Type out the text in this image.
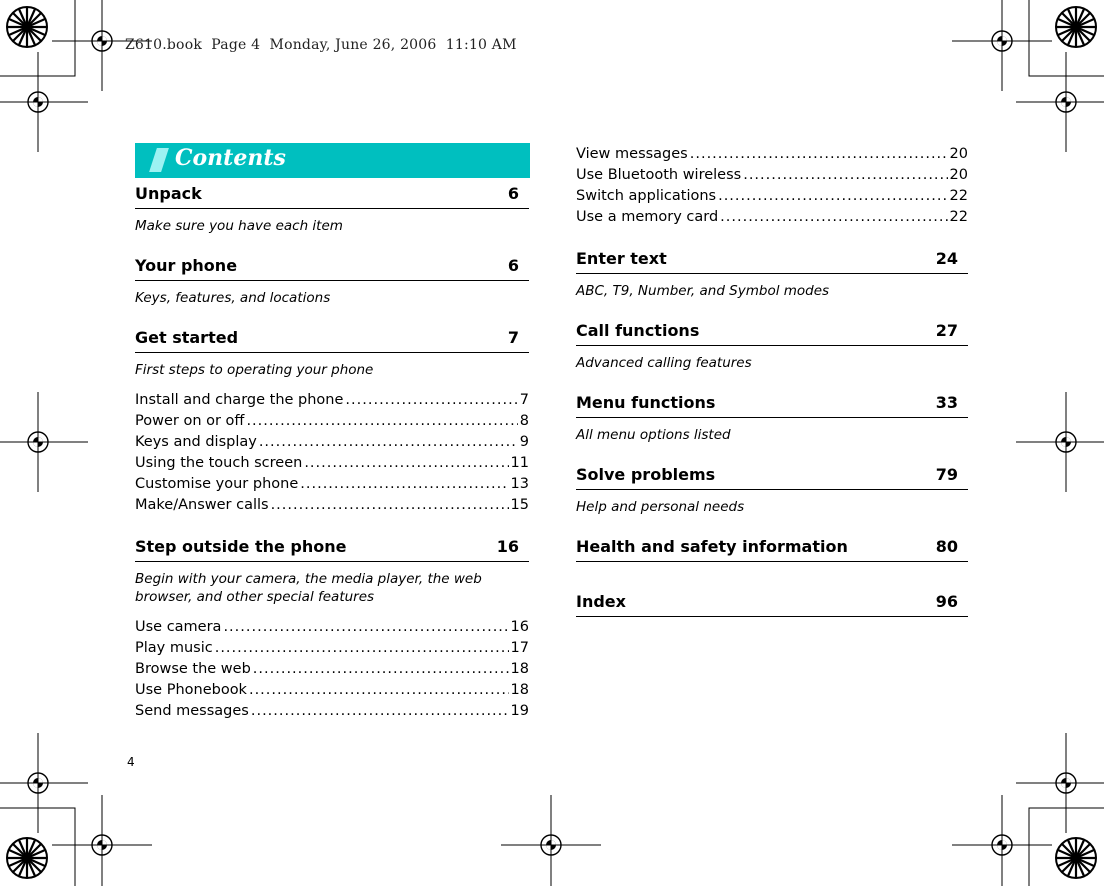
Z610.book  Page 4  Monday, June 26, 2006  11:10 AM
Contents
Unpack	6
Make sure you have each item
Your phone	6
Keys, features, and locations
Get started	7
First steps to operating your phone
Install and charge the phone .....	7
Power on or off .....	8
Keys and display .....	9
Using the touch screen .....	11
Customise your phone .....	13
Make/Answer calls .....	15
Step outside the phone	16
Begin with your camera, the media player, the web browser, and other special features
Use camera .....	16
Play music .....	17
Browse the web .....	18
Use Phonebook .....	18
Send messages .....	19
View messages .....	20
Use Bluetooth wireless .....	20
Switch applications .....	22
Use a memory card .....	22
Enter text	24
ABC, T9, Number, and Symbol modes
Call functions	27
Advanced calling features
Menu functions	33
All menu options listed
Solve problems	79
Help and personal needs
Health and safety information	80
Index	96
4
